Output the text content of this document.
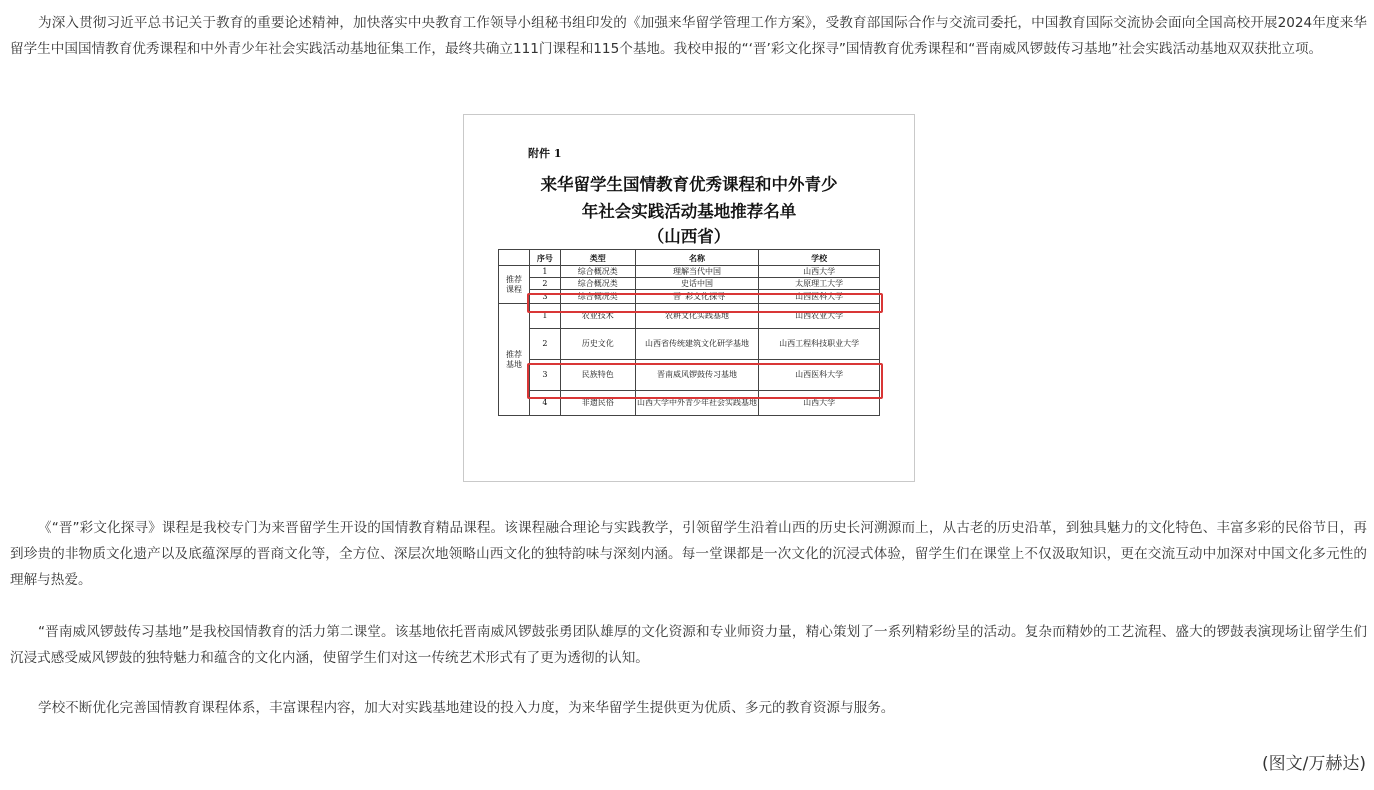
为深入贯彻习近平总书记关于教育的重要论述精神，加快落实中央教育工作领导小组秘书组印发的《加强来华留学管理工作方案》，受教育部国际合作与交流司委托，中国教育国际交流协会面向全国高校开展2024年度来华留学生中国国情教育优秀课程和中外青少年社会实践活动基地征集工作，最终共确立111门课程和115个基地。我校申报的“‘晋’彩文化探寻”国情教育优秀课程和“晋南威风锣鼓传习基地”社会实践活动基地双双获批立项。

附件 1
来华留学生国情教育优秀课程和中外青少
年社会实践活动基地推荐名单
（山西省）
	序号	类型	名称	学校
推荐课程	1	综合概况类	理解当代中国	山西大学
	2	综合概况类	史话中国	太原理工大学
	3	综合概况类	“晋”彩文化探寻	山西医科大学
推荐基地	1	农业技术	农耕文化实践基地	山西农业大学
	2	历史文化	山西省传统建筑文化研学基地	山西工程科技职业大学
	3	民族特色	晋南威风锣鼓传习基地	山西医科大学
	4	非遗民俗	山西大学中外青少年社会实践基地	山西大学

《“晋”彩文化探寻》课程是我校专门为来晋留学生开设的国情教育精品课程。该课程融合理论与实践教学，引领留学生沿着山西的历史长河溯源而上，从古老的历史沿革，到独具魅力的文化特色、丰富多彩的民俗节日，再到珍贵的非物质文化遗产以及底蕴深厚的晋商文化等，全方位、深层次地领略山西文化的独特韵味与深刻内涵。每一堂课都是一次文化的沉浸式体验，留学生们在课堂上不仅汲取知识，更在交流互动中加深对中国文化多元性的理解与热爱。

“晋南威风锣鼓传习基地”是我校国情教育的活力第二课堂。该基地依托晋南威风锣鼓张勇团队雄厚的文化资源和专业师资力量，精心策划了一系列精彩纷呈的活动。复杂而精妙的工艺流程、盛大的锣鼓表演现场让留学生们沉浸式感受威风锣鼓的独特魅力和蕴含的文化内涵，使留学生们对这一传统艺术形式有了更为透彻的认知。

学校不断优化完善国情教育课程体系，丰富课程内容，加大对实践基地建设的投入力度，为来华留学生提供更为优质、多元的教育资源与服务。

(图文/万赫达)
